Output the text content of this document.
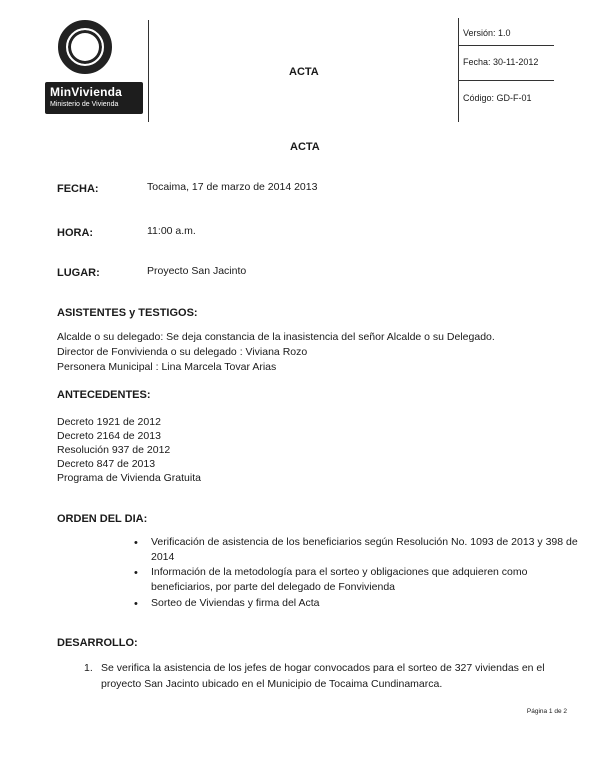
MinVivienda
Ministerio de Vivienda
ACTA
Versión: 1.0
Fecha: 30-11-2012
Código: GD-F-01
ACTA
FECHA:	Tocaima, 17 de marzo de 2014 2013
HORA:	11:00 a.m.
LUGAR:	Proyecto San Jacinto
ASISTENTES y TESTIGOS:
Alcalde o su delegado: Se deja constancia de la inasistencia del señor Alcalde o su Delegado.
Director de Fonvivienda o su delegado : Viviana Rozo
Personera Municipal : Lina Marcela Tovar Arias
ANTECEDENTES:
Decreto 1921 de 2012
Decreto 2164 de 2013
Resolución 937 de 2012
Decreto 847 de 2013
Programa de Vivienda Gratuita
ORDEN DEL DIA:
• Verificación de asistencia de los beneficiarios según Resolución No. 1093 de 2013 y 398 de 2014
• Información de la metodología para el sorteo y obligaciones que adquieren como beneficiarios, por parte del delegado de Fonvivienda
• Sorteo de Viviendas y firma del Acta
DESARROLLO:
1. Se verifica la asistencia de los jefes de hogar convocados para el sorteo de 327 viviendas en el proyecto San Jacinto ubicado en el Municipio de Tocaima Cundinamarca.
Página 1 de 2
